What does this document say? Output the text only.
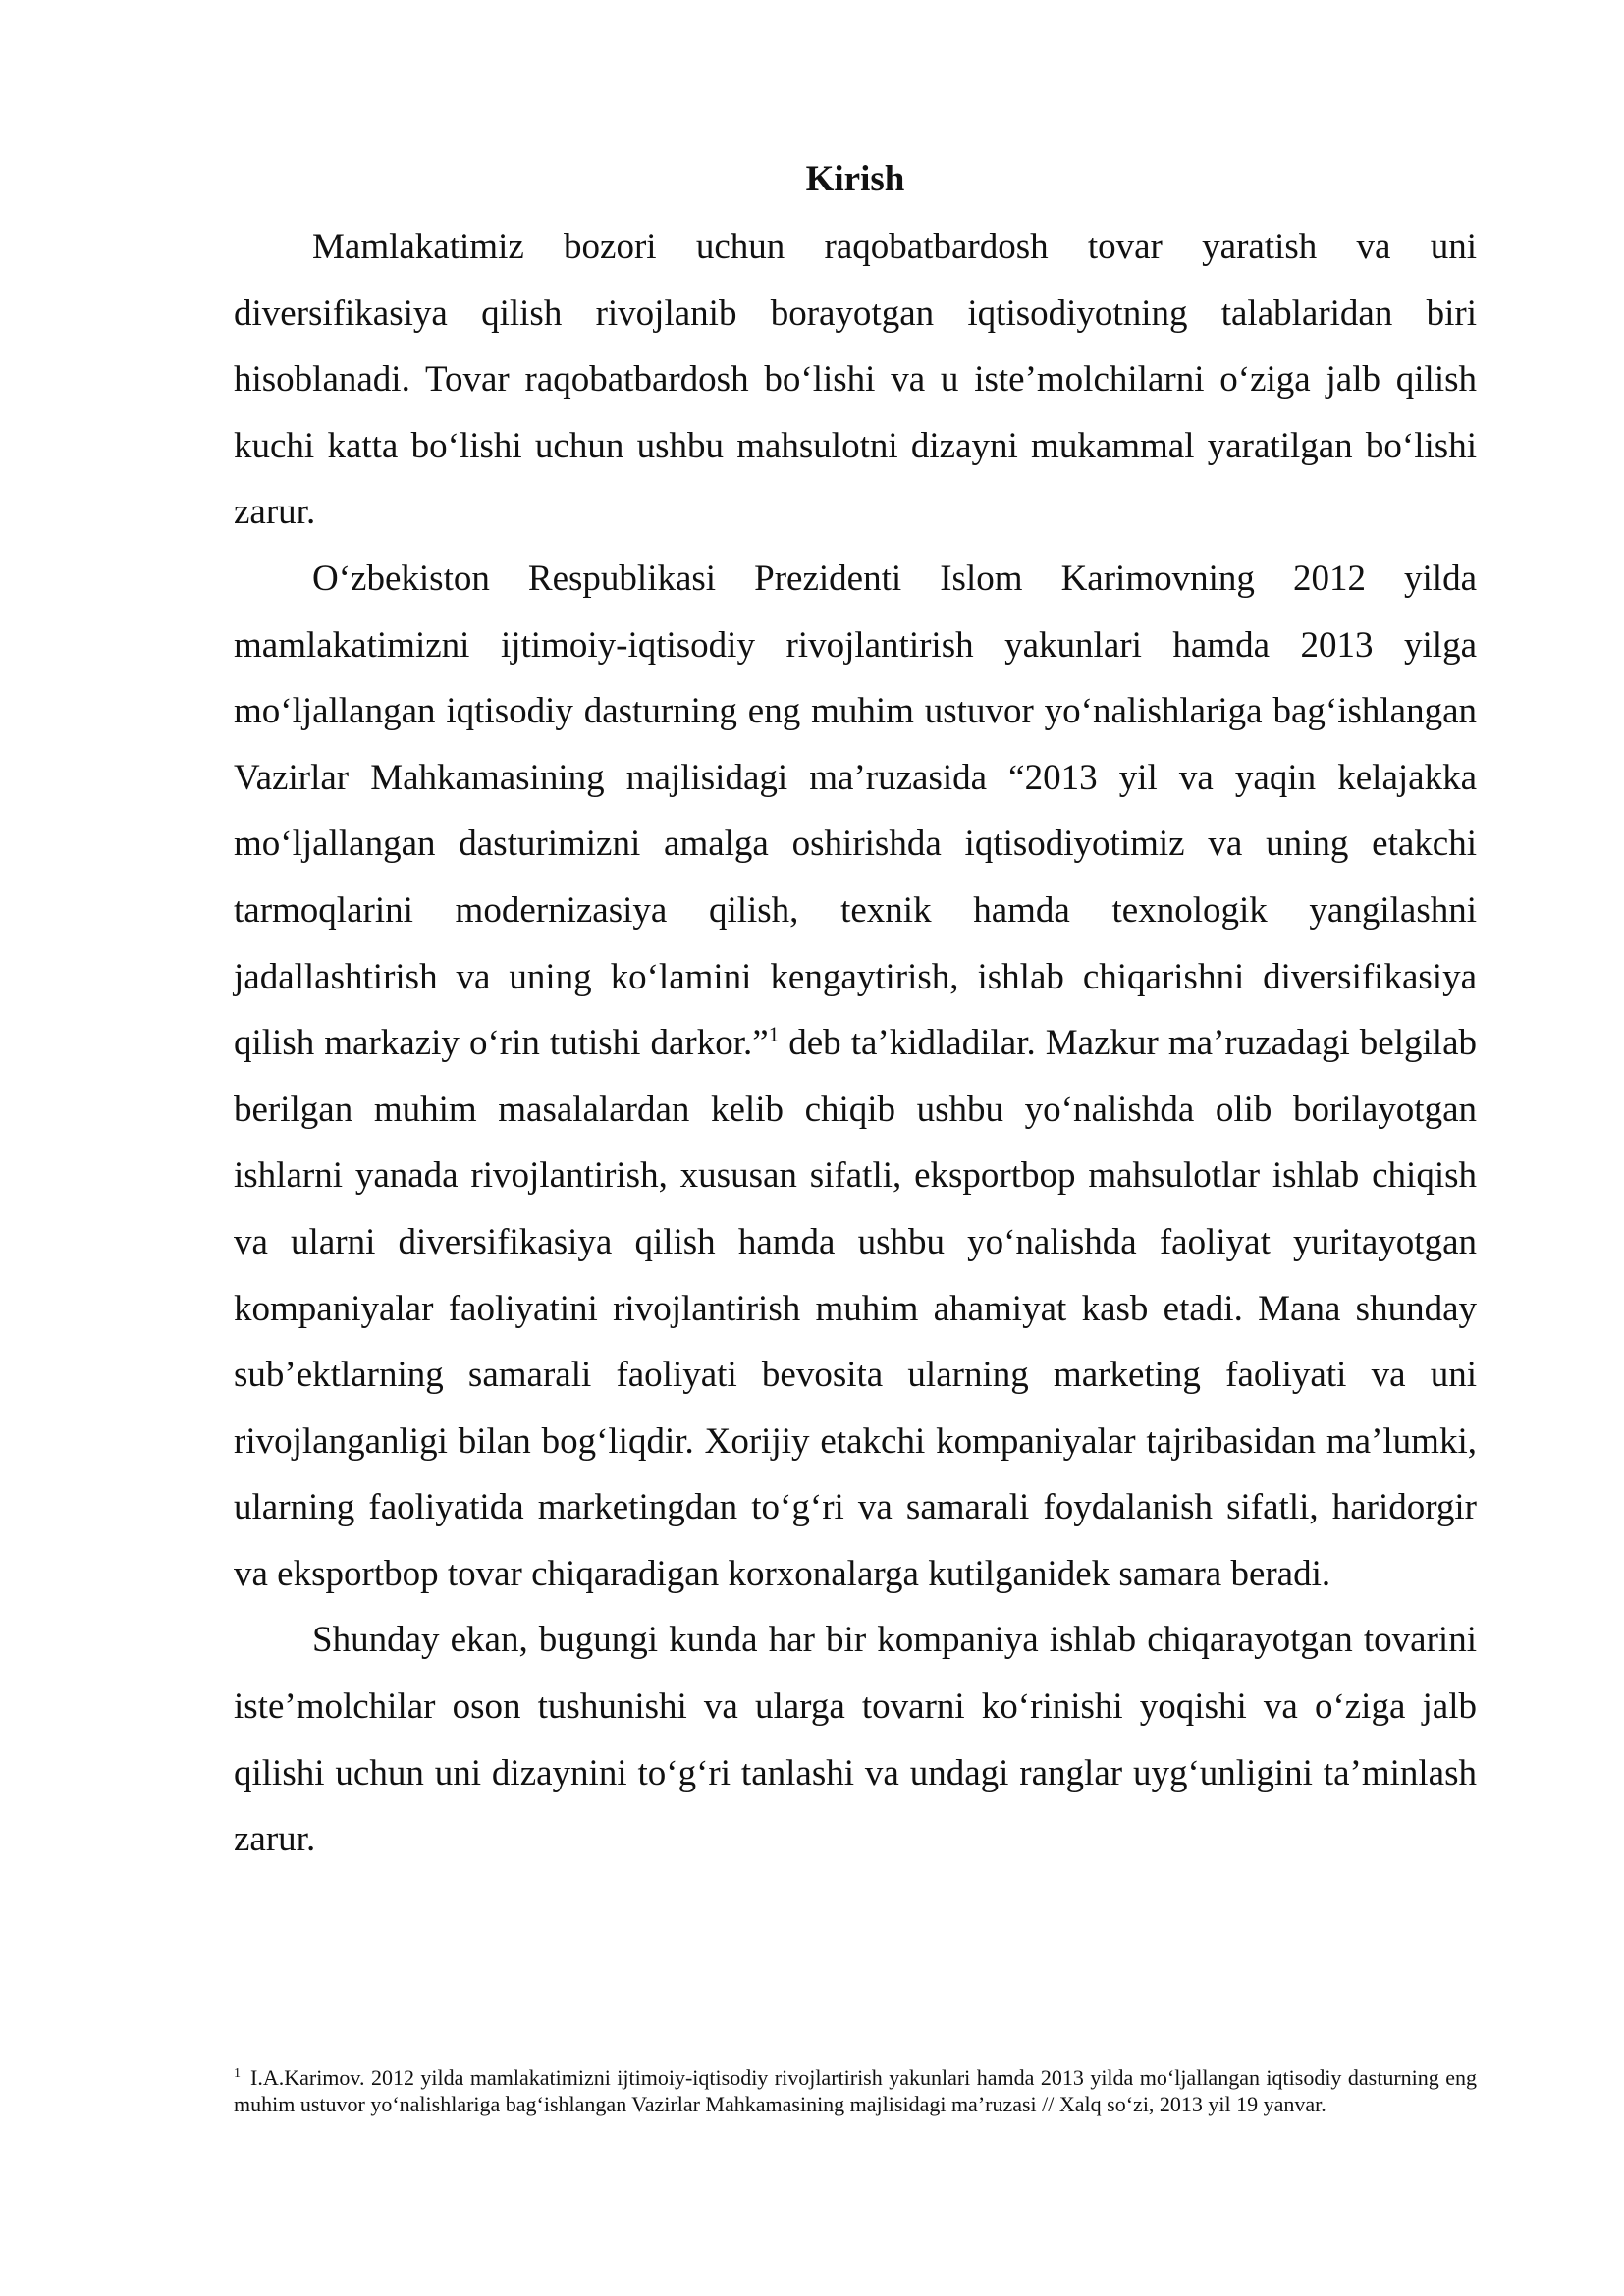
Kirish

Mamlakatimiz bozori uchun raqobatbardosh tovar yaratish va uni diversifikasiya qilish rivojlanib borayotgan iqtisodiyotning talablaridan biri hisoblanadi. Tovar raqobatbardosh bo‘lishi va u iste’molchilarni o‘ziga jalb qilish kuchi katta bo‘lishi uchun ushbu mahsulotni dizayni mukammal yaratilgan bo‘lishi zarur.

O‘zbekiston Respublikasi Prezidenti Islom Karimovning 2012 yilda mamlakatimizni ijtimoiy-iqtisodiy rivojlantirish yakunlari hamda 2013 yilga mo‘ljallangan iqtisodiy dasturning eng muhim ustuvor yo‘nalishlariga bag‘ishlangan Vazirlar Mahkamasining majlisidagi ma’ruzasida “2013 yil va yaqin kelajakka mo‘ljallangan dasturimizni amalga oshirishda iqtisodiyotimiz va uning etakchi tarmoqlarini modernizasiya qilish, texnik hamda texnologik yangilashni jadallashtirish va uning ko‘lamini kengaytirish, ishlab chiqarishni diversifikasiya qilish markaziy o‘rin tutishi darkor.”$^1$ deb ta’kidladilar. Mazkur ma’ruzadagi belgilab berilgan muhim masalalardan kelib chiqib ushbu yo‘nalishda olib borilayotgan ishlarni yanada rivojlantirish, xususan sifatli, eksportbop mahsulotlar ishlab chiqish va ularni diversifikasiya qilish hamda ushbu yo‘nalishda faoliyat yuritayotgan kompaniyalar faoliyatini rivojlantirish muhim ahamiyat kasb etadi. Mana shunday sub’ektlarning samarali faoliyati bevosita ularning marketing faoliyati va uni rivojlanganligi bilan bog‘liqdir. Xorijiy etakchi kompaniyalar tajribasidan ma’lumki, ularning faoliyatida marketingdan to‘g‘ri va samarali foydalanish sifatli, haridorgir va eksportbop tovar chiqaradigan korxonalarga kutilganidek samara beradi.

Shunday ekan, bugungi kunda har bir kompaniya ishlab chiqarayotgan tovarini iste’molchilar oson tushunishi va ularga tovarni ko‘rinishi yoqishi va o‘ziga jalb qilishi uchun uni dizaynini to‘g‘ri tanlashi va undagi ranglar uyg‘unligini ta’minlash zarur.

$^1$ I.A.Karimov. 2012 yilda mamlakatimizni ijtimoiy-iqtisodiy rivojlartirish yakunlari hamda 2013 yilda mo‘ljallangan iqtisodiy dasturning eng muhim ustuvor yo‘nalishlariga bag‘ishlangan Vazirlar Mahkamasining majlisidagi ma’ruzasi // Xalq so‘zi, 2013 yil 19 yanvar.
